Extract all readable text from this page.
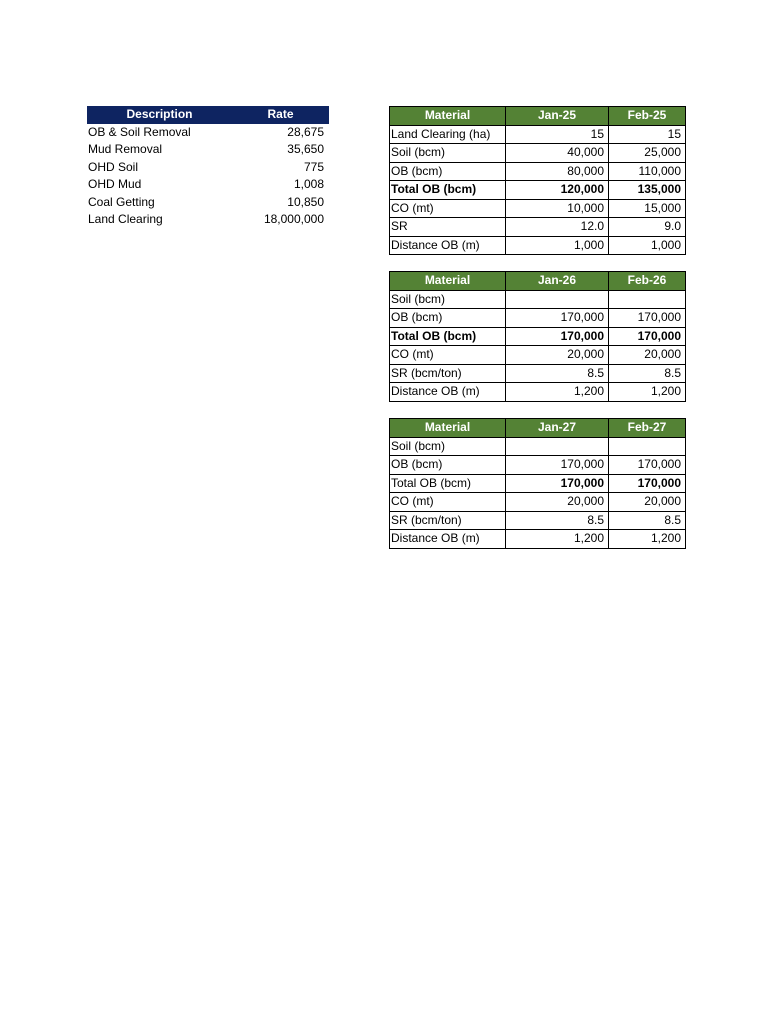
Description	Rate
OB & Soil Removal	28,675
Mud Removal	35,650
OHD Soil	775
OHD Mud	1,008
Coal Getting	10,850
Land Clearing	18,000,000
Material	Jan-25	Feb-25
Land Clearing (ha)	15	15
Soil (bcm)	40,000	25,000
OB (bcm)	80,000	110,000
Total OB (bcm)	120,000	135,000
CO (mt)	10,000	15,000
SR	12.0	9.0
Distance OB (m)	1,000	1,000
Material	Jan-26	Feb-26
Soil (bcm)		
OB (bcm)	170,000	170,000
Total OB (bcm)	170,000	170,000
CO (mt)	20,000	20,000
SR (bcm/ton)	8.5	8.5
Distance OB (m)	1,200	1,200
Material	Jan-27	Feb-27
Soil (bcm)		
OB (bcm)	170,000	170,000
Total OB (bcm)	170,000	170,000
CO (mt)	20,000	20,000
SR (bcm/ton)	8.5	8.5
Distance OB (m)	1,200	1,200
